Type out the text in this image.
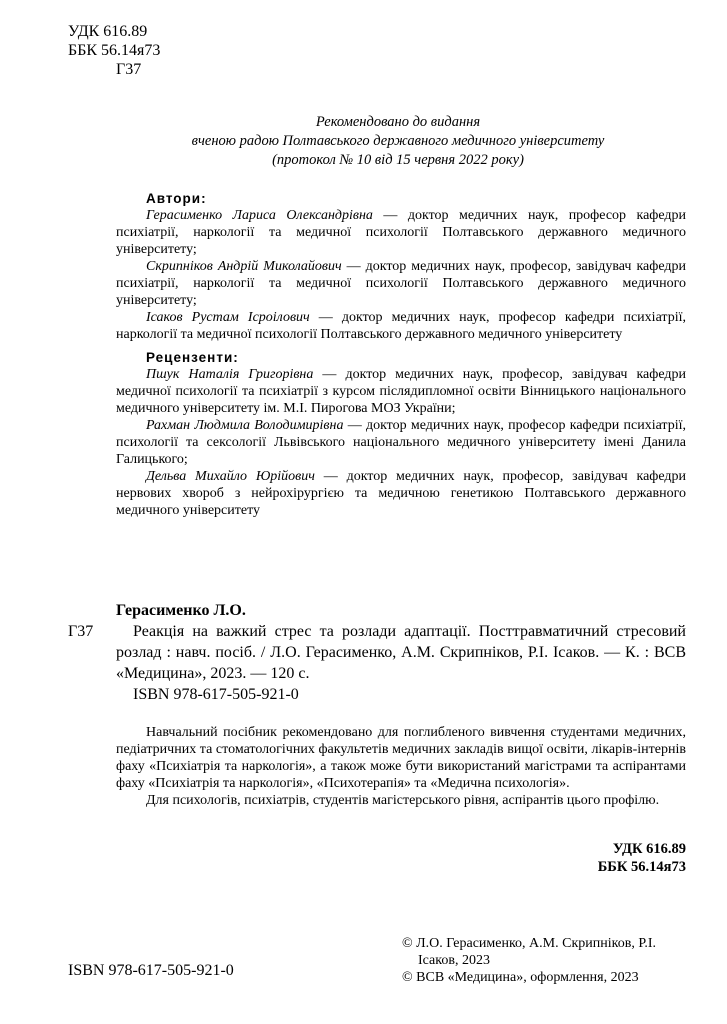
УДК 616.89
ББК 56.14я73
Г37
Рекомендовано до видання
вченою радою Полтавського державного медичного університету
(протокол № 10 від 15 червня 2022 року)
Автори:

Герасименко Лариса Олександрівна — доктор медичних наук, професор кафедри психіатрії, наркології та медичної психології Полтавського державного медичного університету;

Скрипніков Андрій Миколайович — доктор медичних наук, професор, завідувач кафедри психіатрії, наркології та медичної психології Полтавського державного медичного університету;

Ісаков Рустам Ісроілович — доктор медичних наук, професор кафедри психіатрії, наркології та медичної психології Полтавського державного медичного університету

Рецензенти:

Пшук Наталія Григорівна — доктор медичних наук, професор, завідувач кафедри медичної психології та психіатрії з курсом післядипломної освіти Вінницького національного медичного університету ім. М.І. Пирогова МОЗ України;

Рахман Людмила Володимирівна — доктор медичних наук, професор кафедри психіатрії, психології та сексології Львівського національного медичного університету імені Данила Галицького;

Дельва Михайло Юрійович — доктор медичних наук, професор, завідувач кафедри нервових хвороб з нейрохірургією та медичною генетикою Полтавського державного медичного університету

Герасименко Л.О.
Г37	Реакція на важкий стрес та розлади адаптації. Посттравматичний стресовий розлад : навч. посіб. / Л.О. Герасименко, А.М. Скрипніков, Р.І. Ісаков. — К. : ВСВ «Медицина», 2023. — 120 с.
ISBN 978-617-505-921-0

Навчальний посібник рекомендовано для поглибленого вивчення студентами медичних, педіатричних та стоматологічних факультетів медичних закладів вищої освіти, лікарів-інтернів фаху «Психіатрія та наркологія», а також може бути використаний магістрами та аспірантами фаху «Психіатрія та наркологія», «Психотерапія» та «Медична психологія».

Для психологів, психіатрів, студентів магістерського рівня, аспірантів цього профілю.

УДК 616.89
ББК 56.14я73
© Л.О. Герасименко, А.М. Скрипніков, Р.І. Ісаков, 2023
© ВСВ «Медицина», оформлення, 2023
ISBN 978-617-505-921-0
